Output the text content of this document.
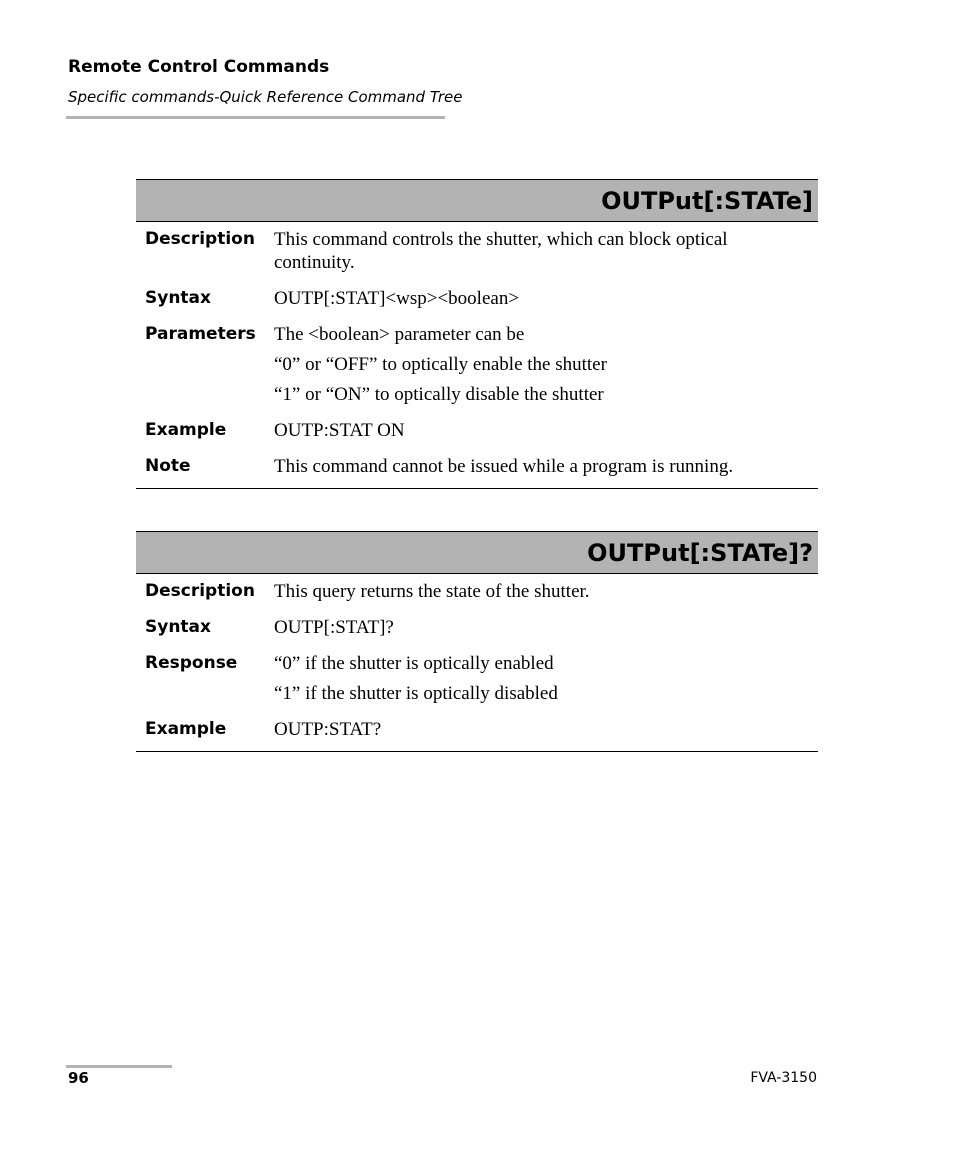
Remote Control Commands
Specific commands-Quick Reference Command Tree
OUTPut[:STATe]
Description	This command controls the shutter, which can block optical continuity.

Syntax	OUTP[:STAT]<wsp><boolean>

Parameters The <boolean> parameter can be

“0” or “OFF” to optically enable the shutter

“1” or “ON” to optically disable the shutter

Example	OUTP:STAT ON

Note	This command cannot be issued while a program is running.

OUTPut[:STATe]?
Description	This query returns the state of the shutter.

Syntax	OUTP[:STAT]?

Response	“0” if the shutter is optically enabled

“1” if the shutter is optically disabled

Example	OUTP:STAT?

96	FVA-3150
